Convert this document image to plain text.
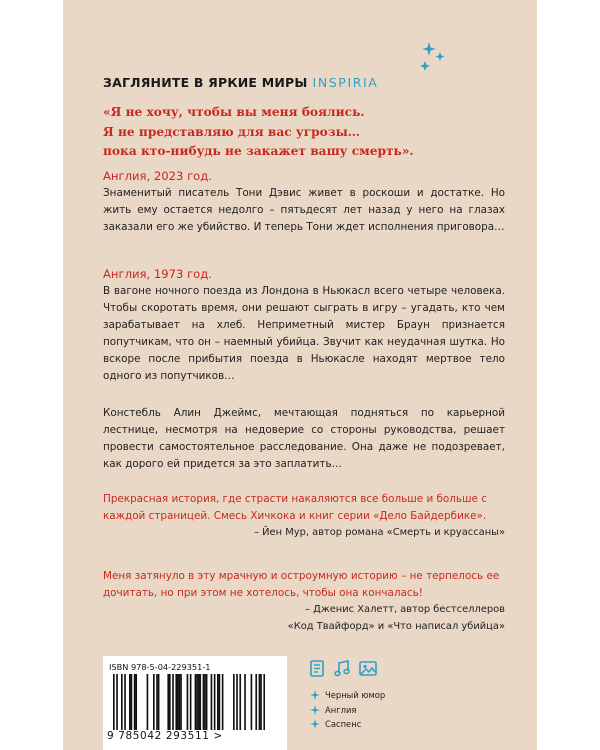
ЗАГЛЯНИТЕ В ЯРКИЕ МИРЫ INSPIRIA
«Я не хочу, чтобы вы меня боялись.
Я не представляю для вас угрозы…
пока кто-нибудь не закажет вашу смерть».

Англия, 2023 год.

Знаменитый писатель Тони Дэвис живет в роскоши и достатке. Но жить ему остается недолго – пятьдесят лет назад у него на глазах заказали его же убийство. И теперь Тони ждет исполнения приговора…

Англия, 1973 год.

В вагоне ночного поезда из Лондона в Ньюкасл всего четыре человека. Чтобы скоротать время, они решают сыграть в игру – угадать, кто чем зарабатывает на хлеб. Неприметный мистер Браун признается попутчикам, что он – наемный убийца. Звучит как неудачная шутка. Но вскоре после прибытия поезда в Ньюкасле находят мертвое тело одного из попутчиков…

Констебль Алин Джеймс, мечтающая подняться по карьерной лестнице, несмотря на недоверие со стороны руководства, решает провести самостоятельное расследование. Она даже не подозревает, как дорого ей придется за это заплатить…

Прекрасная история, где страсти накаляются все больше и больше с каждой страницей. Смесь Хичкока и книг серии «Дело Байдербике».

– Йен Мур, автор романа «Смерть и круассаны»

Меня затянуло в эту мрачную и остроумную историю – не терпелось ее дочитать, но при этом не хотелось, чтобы она кончалась!

– Дженис Халетт, автор бестселлеров

«Код Твайфорд» и «Что написал убийца»

ISBN 978-5-04-229351-1
9 785042 293511 >
Черный юмор
Англия
Саспенс
